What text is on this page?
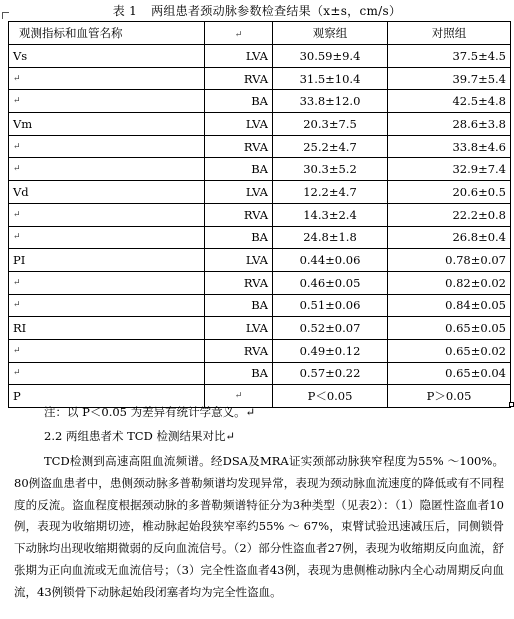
表 1 两组患者颈动脉参数检查结果（x±s，cm/s）
观测指标和血管名称	↵	观察组	对照组
Vs	LVA	30.59±9.4	37.5±4.5
↵	RVA	31.5±10.4	39.7±5.4
↵	BA	33.8±12.0	42.5±4.8
Vm	LVA	20.3±7.5	28.6±3.8
↵	RVA	25.2±4.7	33.8±4.6
↵	BA	30.3±5.2	32.9±7.4
Vd	LVA	12.2±4.7	20.6±0.5
↵	RVA	14.3±2.4	22.2±0.8
↵	BA	24.8±1.8	26.8±0.4
PI	LVA	0.44±0.06	0.78±0.07
↵	RVA	0.46±0.05	0.82±0.02
↵	BA	0.51±0.06	0.84±0.05
RI	LVA	0.52±0.07	0.65±0.05
↵	RVA	0.49±0.12	0.65±0.02
↵	BA	0.57±0.22	0.65±0.04
P	↵	P＜0.05	P＞0.05
注：以 P＜0.05 为差异有统计学意义。↵
2.2 两组患者术 TCD 检测结果对比↵
TCD检测到高速高阻血流频谱。经DSA及MRA证实颈部动脉狭窄程度为55% ～100%。80例盗血患者中，患侧颈动脉多普勒频谱均发现异常，表现为颈动脉血流速度的降低或有不同程度的反流。盗血程度根据颈动脉的多普勒频谱特征分为3种类型（见表2）：（1）隐匿性盗血者10例，表现为收缩期切迹，椎动脉起始段狭窄率约55% ～ 67%，束臂试验迅速减压后，同侧锁骨下动脉均出现收缩期微弱的反向血流信号。（2）部分性盗血者27例，表现为收缩期反向血流，舒张期为正向血流或无血流信号；（3）完全性盗血者43例，表现为患侧椎动脉内全心动周期反向血流，43例锁骨下动脉起始段闭塞者均为完全性盗血。
